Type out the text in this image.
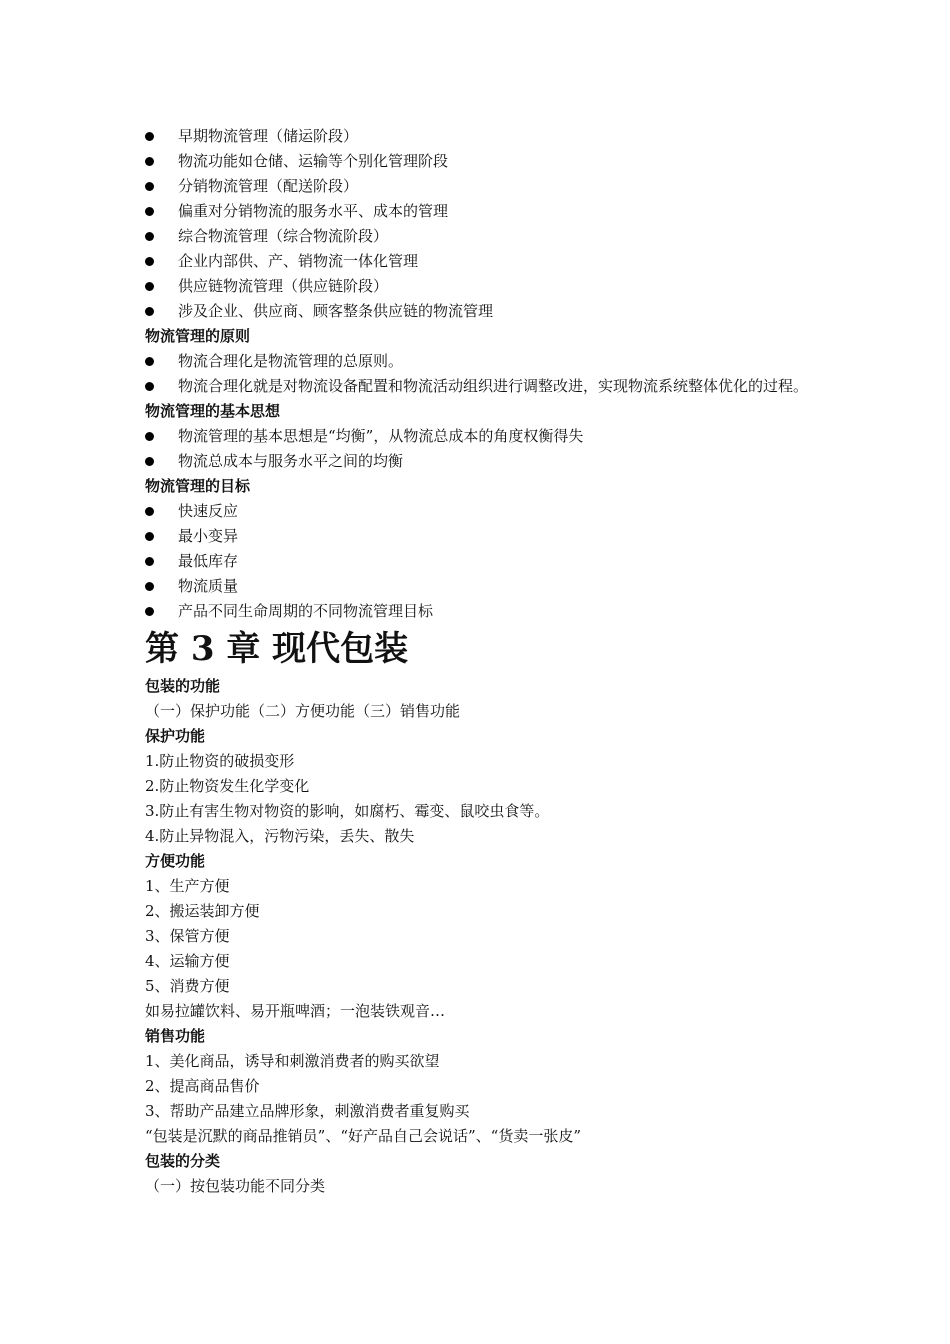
早期物流管理（储运阶段）
物流功能如仓储、运输等个别化管理阶段
分销物流管理（配送阶段）
偏重对分销物流的服务水平、成本的管理
综合物流管理（综合物流阶段）
企业内部供、产、销物流一体化管理
供应链物流管理（供应链阶段）
涉及企业、供应商、顾客整条供应链的物流管理
物流管理的原则
物流合理化是物流管理的总原则。
物流合理化就是对物流设备配置和物流活动组织进行调整改进，实现物流系统整体优化的过程。
物流管理的基本思想
物流管理的基本思想是“均衡”，从物流总成本的角度权衡得失
物流总成本与服务水平之间的均衡
物流管理的目标
快速反应
最小变异
最低库存
物流质量
产品不同生命周期的不同物流管理目标
第 3 章 现代包装
包装的功能
（一）保护功能（二）方便功能（三）销售功能
保护功能
1.防止物资的破损变形
2.防止物资发生化学变化
3.防止有害生物对物资的影响，如腐朽、霉变、鼠咬虫食等。
4.防止异物混入，污物污染，丢失、散失
方便功能
1、生产方便
2、搬运装卸方便
3、保管方便
4、运输方便
5、消费方便
如易拉罐饮料、易开瓶啤酒；一泡装铁观音…
销售功能
1、美化商品，诱导和刺激消费者的购买欲望
2、提高商品售价
3、帮助产品建立品牌形象，刺激消费者重复购买
“包装是沉默的商品推销员”、“好产品自己会说话”、“货卖一张皮”
包装的分类
（一）按包装功能不同分类
